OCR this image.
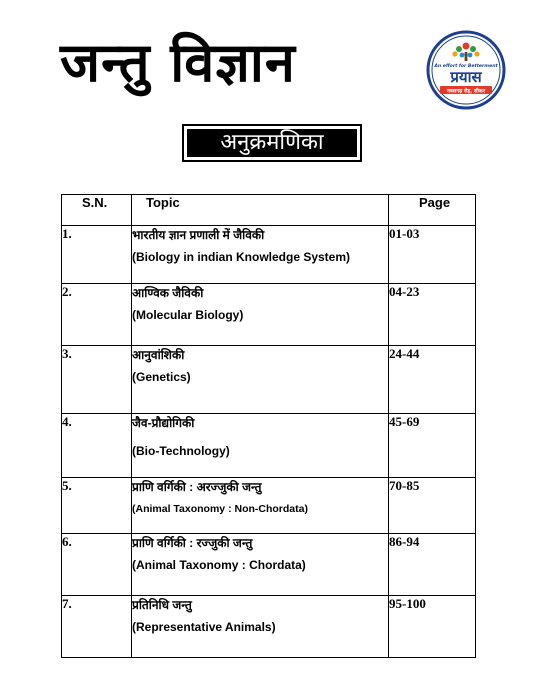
जन्तु विज्ञान	An effort for Betterment
प्रयास
नवलगढ़ रोड़, सीकर
अनुक्रमणिका
S.N.	Topic	Page
1.	भारतीय ज्ञान प्रणाली में जैविकी
(Biology in indian Knowledge System)	01-03
2.	आण्विक जैविकी
(Molecular Biology)	04-23
3.	आनुवांशिकी
(Genetics)	24-44
4.	जैव-प्रौद्योगिकी
(Bio-Technology)	45-69
5.	प्राणि वर्गिकी : अरज्जुकी जन्तु
(Animal Taxonomy : Non-Chordata)	70-85
6.	प्राणि वर्गिकी : रज्जुकी जन्तु
(Animal Taxonomy : Chordata)	86-94
7.	प्रतिनिधि जन्तु
(Representative Animals)	95-100
